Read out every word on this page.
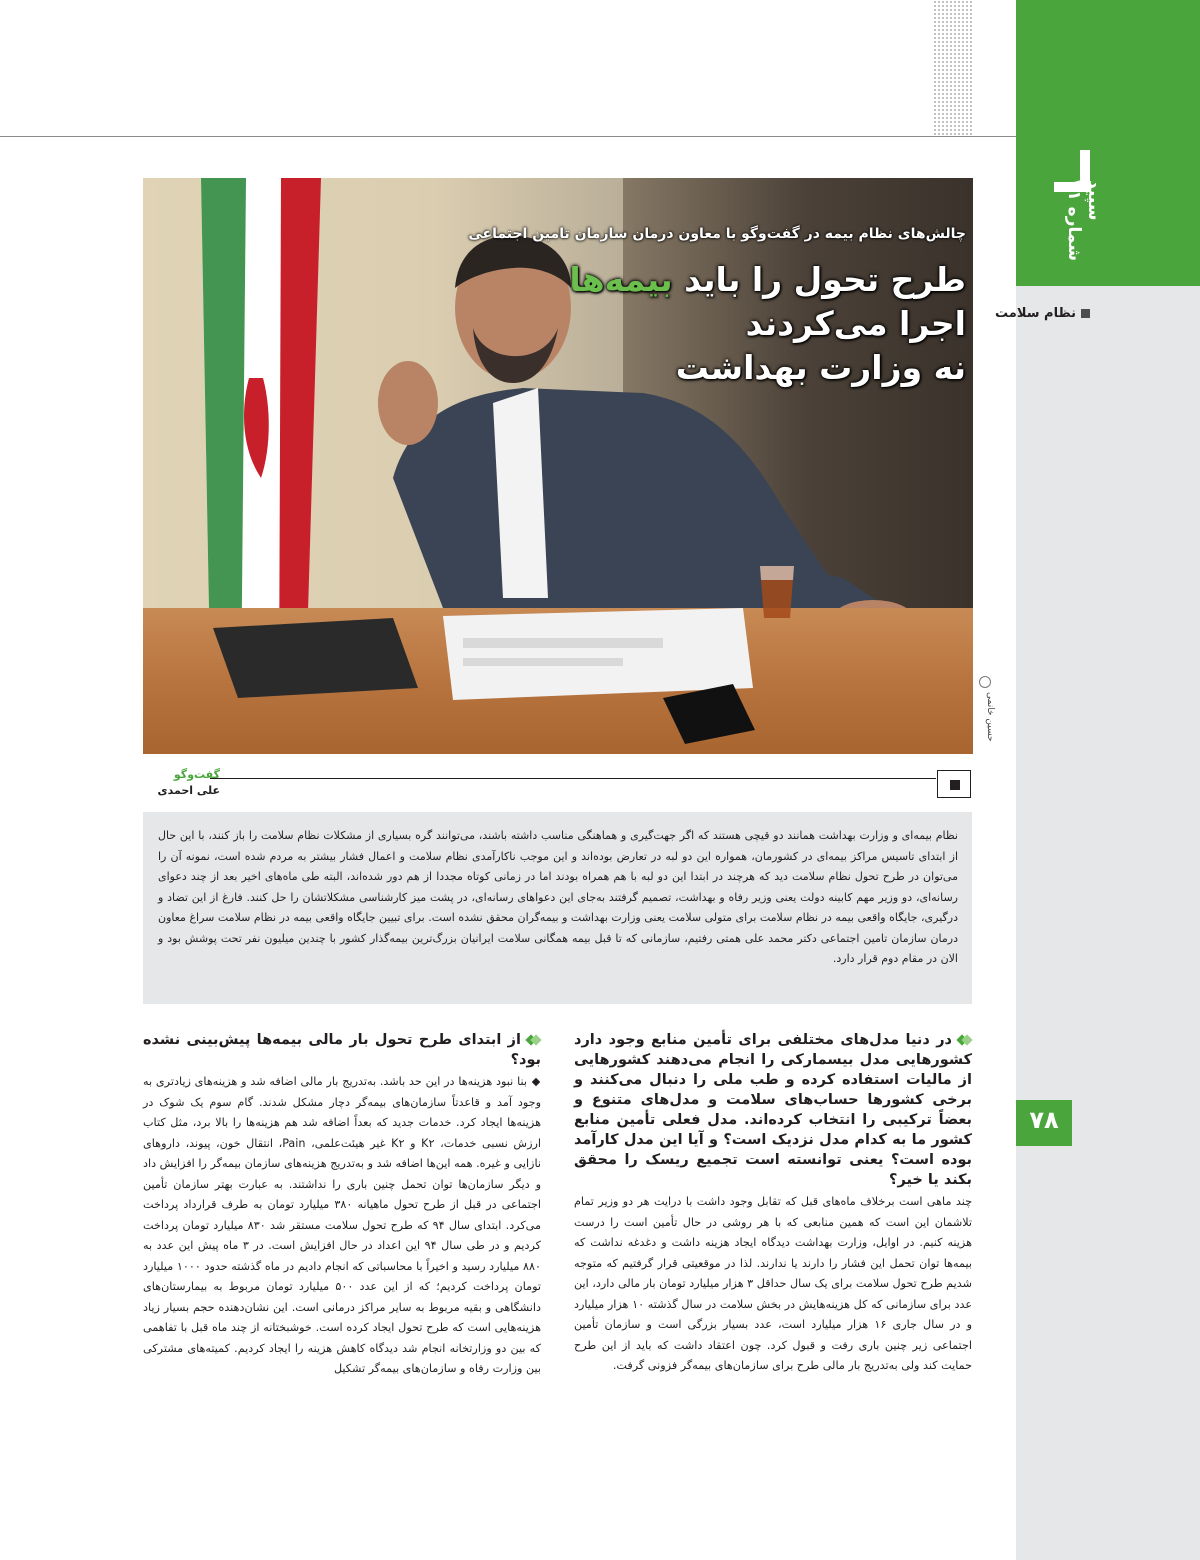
سپید شماره ۲۱
نظام سلامت
حسین خانمی
چالش‌های نظام بیمه در گفت‌وگو با معاون درمان سازمان تامین اجتماعی
طرح تحول را باید بیمه‌ها
اجرا می‌کردند
نه وزارت بهداشت
گفت‌وگو
علی احمدی
نظام بیمه‌ای و وزارت بهداشت همانند دو قیچی هستند که اگر جهت‌گیری و هماهنگی مناسب داشته باشند، می‌توانند گره بسیاری از مشکلات نظام سلامت را باز کنند، با این حال از ابتدای تاسیس مراکز بیمه‌ای در کشورمان، همواره این دو لبه در تعارض بوده‌اند و این موجب ناکارآمدی نظام سلامت و اعمال فشار بیشتر به مردم شده است، نمونه آن را می‌توان در طرح تحول نظام سلامت دید که هرچند در ابتدا این دو لبه با هم همراه بودند اما در زمانی کوتاه مجددا از هم دور شده‌اند، البته طی ماه‌های اخیر بعد از چند دعوای رسانه‌ای، دو وزیر مهم کابینه دولت یعنی وزیر رفاه و بهداشت، تصمیم گرفتند به‌جای این دعواهای رسانه‌ای، در پشت میز کارشناسی مشکلاتشان را حل کنند. فارغ از این تضاد و درگیری، جایگاه واقعی بیمه در نظام سلامت برای متولی سلامت یعنی وزارت بهداشت و بیمه‌گران محقق نشده است. برای تبیین جایگاه واقعی بیمه در نظام سلامت سراغ معاون درمان سازمان تامین اجتماعی دکتر محمد علی همتی رفتیم، سازمانی که تا قبل بیمه همگانی سلامت ایرانیان بزرگ‌ترین بیمه‌گذار کشور با چندین میلیون نفر تحت پوشش بود و الان در مقام دوم قرار دارد.
در دنیا مدل‌های مختلفی برای تأمین منابع وجود دارد کشورهایی مدل بیسمارکی را انجام می‌دهند کشورهایی از مالیات استفاده کرده و طب ملی را دنبال می‌کنند و برخی کشورها حساب‌های سلامت و مدل‌های متنوع و بعضاً ترکیبی را انتخاب کرده‌اند. مدل فعلی تأمین منابع کشور ما به کدام مدل نزدیک است؟ و آیا این مدل کارآمد بوده است؟ یعنی توانسته است تجمیع ریسک را محقق بکند یا خیر؟
چند ماهی است برخلاف ماه‌های قبل که تقابل وجود داشت با درایت هر دو وزیر تمام تلاشمان این است که همین منابعی که با هر روشی در حال تأمین است را درست هزینه کنیم. در اوایل، وزارت بهداشت دیدگاه ایجاد هزینه داشت و دغدغه نداشت که بیمه‌ها توان تحمل این فشار را دارند یا ندارند. لذا در موقعیتی قرار گرفتیم که متوجه شدیم طرح تحول سلامت برای یک سال حداقل ۳ هزار میلیارد تومان بار مالی دارد، این عدد برای سازمانی که کل هزینه‌هایش در بخش سلامت در سال گذشته ۱۰ هزار میلیارد و در سال جاری ۱۶ هزار میلیارد است، عدد بسیار بزرگی است و سازمان تأمین اجتماعی زیر چنین باری رفت و قبول کرد. چون اعتقاد داشت که باید از این طرح حمایت کند ولی به‌تدریج بار مالی طرح برای سازمان‌های بیمه‌گر فزونی گرفت.
از ابتدای طرح تحول بار مالی بیمه‌ها پیش‌بینی نشده بود؟
بنا نبود هزینه‌ها در این حد باشد. به‌تدریج بار مالی اضافه شد و هزینه‌های زیادتری به وجود آمد و قاعدتاً سازمان‌های بیمه‌گر دچار مشکل شدند. گام سوم یک شوک در هزینه‌ها ایجاد کرد. خدمات جدید که بعداً اضافه شد هم هزینه‌ها را بالا برد، مثل کتاب ارزش نسبی خدمات، K۲ و K۲ غیر هیئت‌علمی، Pain، انتقال خون، پیوند، داروهای نازایی و غیره. همه این‌ها اضافه شد و به‌تدریج هزینه‌های سازمان بیمه‌گر را افزایش داد و دیگر سازمان‌ها توان تحمل چنین باری را نداشتند. به عبارت بهتر سازمان تأمین اجتماعی در قبل از طرح تحول ماهیانه ۳۸۰ میلیارد تومان به طرف قرارداد پرداخت می‌کرد. ابتدای سال ۹۴ که طرح تحول سلامت مستقر شد ۸۳۰ میلیارد تومان پرداخت کردیم و در طی سال ۹۴ این اعداد در حال افزایش است. در ۳ ماه پیش این عدد به ۸۸۰ میلیارد رسید و اخیراً با محاسباتی که انجام دادیم در ماه گذشته حدود ۱۰۰۰ میلیارد تومان پرداخت کردیم؛ که از این عدد ۵۰۰ میلیارد تومان مربوط به بیمارستان‌های دانشگاهی و بقیه مربوط به سایر مراکز درمانی است. این نشان‌دهنده حجم بسیار زیاد هزینه‌هایی است که طرح تحول ایجاد کرده است. خوشبختانه از چند ماه قبل با تفاهمی که بین دو وزارتخانه انجام شد دیدگاه کاهش هزینه را ایجاد کردیم. کمیته‌های مشترکی بین وزارت رفاه و سازمان‌های بیمه‌گر تشکیل
۷۸
